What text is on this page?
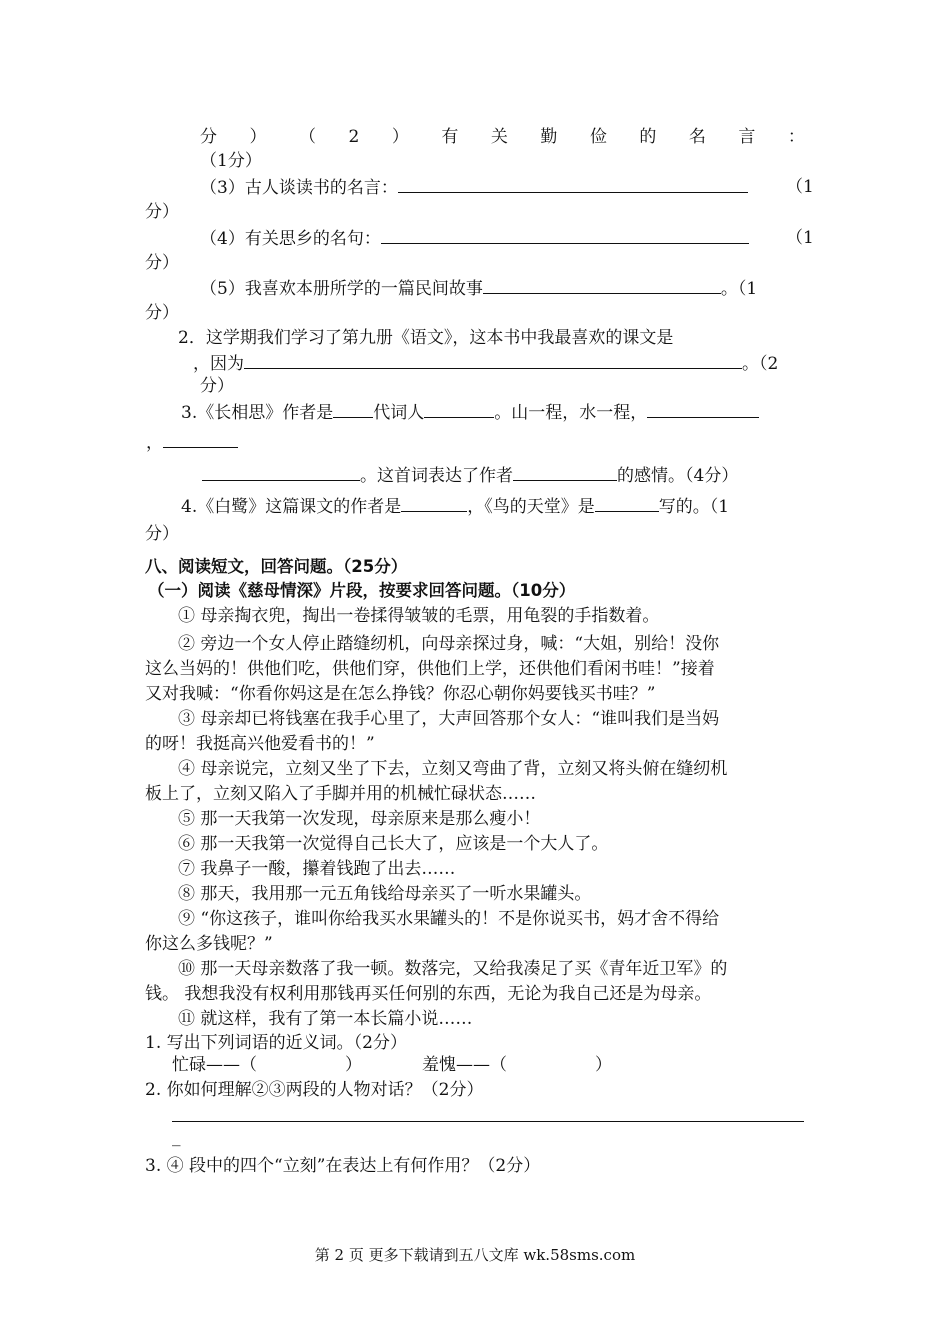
分 ） （ 2 ） 有 关 勤 俭 的 名 言 ：
（1分）
（3）古人谈读书的名言：	（1
分）
（4）有关思乡的名句：	（1
分）
（5）我喜欢本册所学的一篇民间故事	。（1
分）
2．这学期我们学习了第九册《语文》，这本书中我最喜欢的课文是
，因为	。（2
分）
3.《长相思》作者是 代词人	。山一程，水一程，
，
。这首词表达了作者	的感情。（4分）
4.《白鹭》这篇课文的作者是	，《鸟的天堂》是	写的。（1
分）
八、阅读短文，回答问题。（25分）
（一）阅读《慈母情深》片段，按要求回答问题。（10分）
① 母亲掏衣兜，掏出一卷揉得皱皱的毛票，用龟裂的手指数着。
② 旁边一个女人停止踏缝纫机，向母亲探过身，喊：“大姐，别给！没你
这么当妈的！供他们吃，供他们穿，供他们上学，还供他们看闲书哇！”接着
又对我喊：“你看你妈这是在怎么挣钱？你忍心朝你妈要钱买书哇？”
③ 母亲却已将钱塞在我手心里了，大声回答那个女人：“谁叫我们是当妈
的呀！我挺高兴他爱看书的！”
④ 母亲说完，立刻又坐了下去，立刻又弯曲了背，立刻又将头俯在缝纫机
板上了，立刻又陷入了手脚并用的机械忙碌状态……
⑤ 那一天我第一次发现，母亲原来是那么瘦小！
⑥ 那一天我第一次觉得自己长大了，应该是一个大人了。
⑦ 我鼻子一酸，攥着钱跑了出去……
⑧ 那天，我用那一元五角钱给母亲买了一听水果罐头。
⑨ “你这孩子，谁叫你给我买水果罐头的！不是你说买书，妈才舍不得给
你这么多钱呢？”
⑩ 那一天母亲数落了我一顿。数落完，又给我凑足了买《青年近卫军》的
钱。 我想我没有权利用那钱再买任何别的东西，无论为我自己还是为母亲。
⑪ 就这样，我有了第一本长篇小说……
1. 写出下列词语的近义词。（2分）
忙碌——（	）	羞愧——（	）
2. 你如何理解②③两段的人物对话？（2分）
_
3. ④ 段中的四个“立刻”在表达上有何作用？（2分）
第 2 页 更多下载请到五八文库 wk.58sms.com
